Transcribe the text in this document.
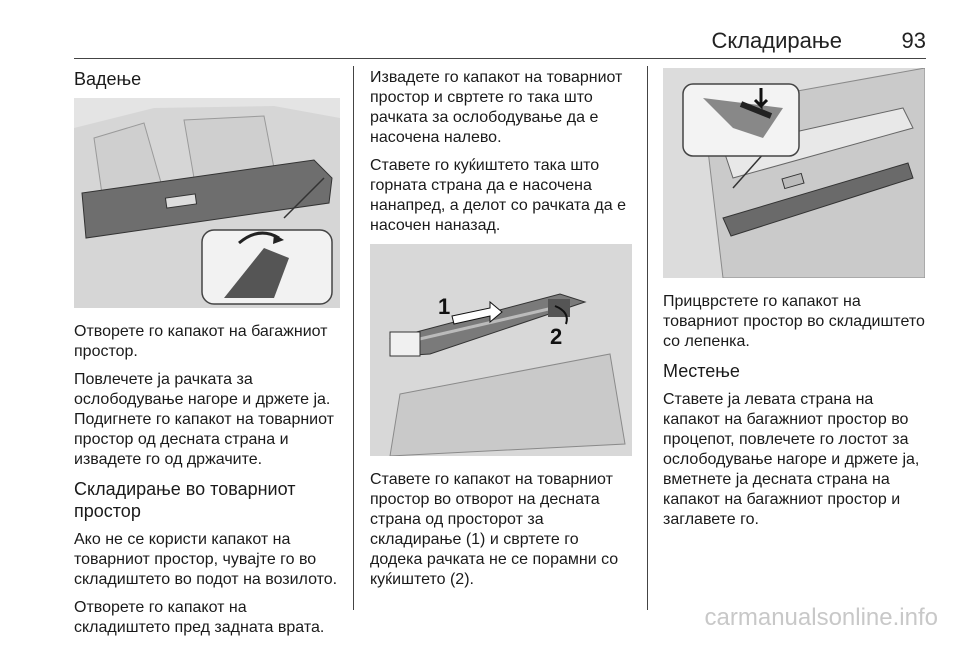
Складирање	93
Вадење

Отворете го капакот на багажниот простор.

Повлечете ја рачката за ослободување нагоре и држете ја. Подигнете го капакот на товарниот простор од десната страна и извадете го од држачите.

Складирање во товарниот простор

Ако не се користи капакот на товарниот простор, чувајте го во складиштето во подот на возилото.

Отворете го капакот на складиштето пред задната врата.

Извадете го капакот на товарниот простор и свртете го така што рачката за ослободување да е насочена налево.

Ставете го куќиштето така што горната страна да е насочена нанапред, а делот со рачката да е насочен наназад.

1
2

Ставете го капакот на товарниот простор во отворот на десната страна од просторот за складирање (1) и свртете го додека рачката не се порамни со куќиштето (2).

Прицврстете го капакот на товарниот простор во складиштето со лепенка.

Местење

Ставете ја левата страна на капакот на багажниот простор во процепот, повлечете го лостот за ослободување нагоре и држете ја, вметнете ја десната страна на капакот на багажниот простор и заглавете го.

carmanualsonline.info
